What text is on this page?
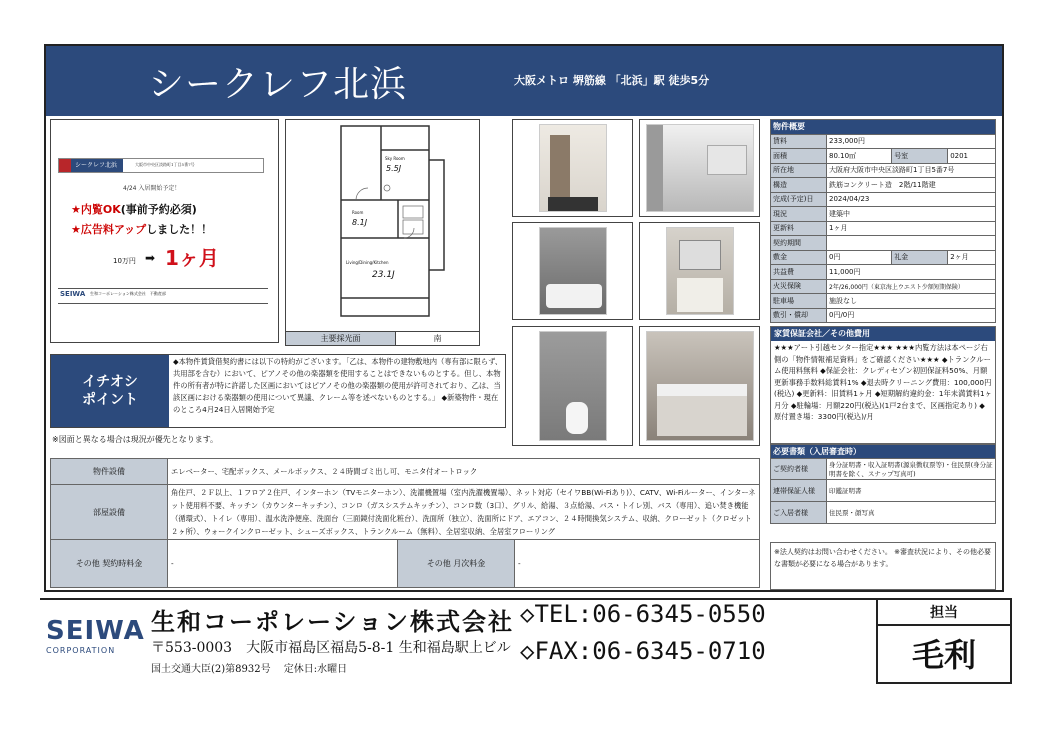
シークレフ北浜	大阪メトロ 堺筋線 「北浜」駅 徒歩5分
シークレフ北浜	大阪市中央区淡路町1丁目5番7号
4/24 入居開始予定！
★内覧OK(事前予約必須)
★広告料アップしました！！
10万円 ➡ 1ヶ月
SEIWA 生和コーポレーション株式会社　不動産部
Sky Room
5.5J
Room
8.1J
Living/Dining/Kitchen
23.1J
主要採光面	南
物件概要			
賃料	233,000円		
面積	80.10㎡	号室	0201
所在地	大阪府大阪市中央区淡路町1丁目5番7号		
構造	鉄筋コンクリート造　2階/11階建		
完成(予定)日	2024/04/23		
現況	建築中		
更新料	1ヶ月		
契約期間			
敷金	0円	礼金	2ヶ月
共益費	11,000円		
火災保険	2年/26,000円（東京海上ウエスト少額短期保険）		
駐車場	施設なし		
敷引・償却	0円/0円		
家賃保証会社／その他費用
★★★アート引越センター指定★★★ ★★★内覧方法は本ページ右側の「物件情報補足資料」をご確認ください★★★ ◆トランクルーム使用料無料 ◆保証会社：クレディセゾン初回保証料50%、月額更新事務手数料総賃料1% ◆退去時クリーニング費用：100,000円(税込) ◆更新料：旧賃料1ヶ月 ◆短期解約違約金：1年未満賃料1ヶ月分 ◆駐輪場：月額220円(税込)(1戸2台まで、区画指定あり) ◆原付置き場：3300円(税込)/月
必要書類（入居審査時）	
ご契約者様	身分証明書・収入証明書(源泉徴収票等)・住民票(身分証明書を除く、スナップ写真可)
連帯保証人様	印鑑証明書
ご入居者様	住民票・顔写真
※法人契約はお問い合わせください。 ※審査状況により、その他必要な書類が必要になる場合があります。
イチオシ
ポイント
◆本物件賃貸借契約書には以下の特約がございます。「乙は、本物件の建物敷地内（専有部に限らず、共用部を含む）において、ピアノその他の楽器類を使用することはできないものとする。但し、本物件の所有者が特に許諾した区画においてはピアノその他の楽器類の使用が許可されており、乙は、当該区画における楽器類の使用について異議、クレーム等を述べないものとする。」 ◆新築物件・現在のところ4月24日入居開始予定
※図面と異なる場合は現況が優先となります。
物件設備	エレベーター、宅配ボックス、メールボックス、２４時間ゴミ出し可、モニタ付オートロック		
部屋設備	角住戸、２Ｆ以上、１フロア２住戸、インターホン（TVモニターホン）、洗濯機置場（室内洗濯機置場）、ネット対応（セイワBB(Wi-Fiあり)）、CATV、Wi-Fiルーター、インターネット使用料不要、キッチン（カウンターキッチン）、コンロ（ガスシステムキッチン）、コンロ数（3口）、グリル、給湯、３点給湯、バス・トイレ別、バス（専用）、追い焚き機能（循環式）、トイレ（専用）、温水洗浄便座、洗面台（三面鏡付洗面化粧台）、洗面所（独立）、洗面所にドア、エアコン、２４時間換気システム、収納、クローゼット（クロゼット２ヶ所）、ウォークインクローゼット、シューズボックス、トランクルーム（無料）、全居室収納、全居室フローリング		

その他 契約時料金	-	その他 月次料金	-
SEIWA
CORPORATION
生和コーポレーション株式会社
〒553-0003　大阪市福島区福島5-8-1 生和福島駅上ビル
国土交通大臣(2)第8932号　 定休日:水曜日
◇TEL:06-6345-0550
◇FAX:06-6345-0710
担当
毛利
